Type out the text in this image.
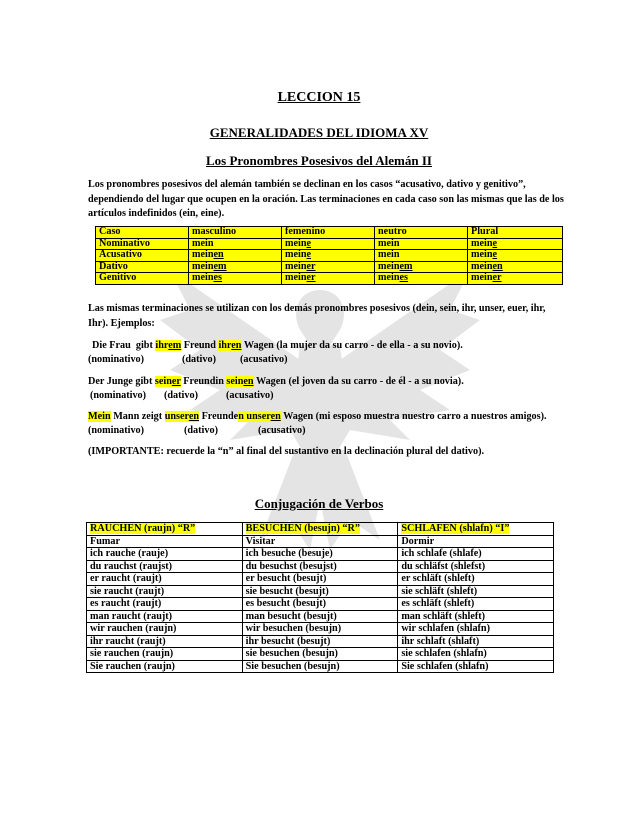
LECCION 15
GENERALIDADES DEL IDIOMA XV
Los Pronombres Posesivos del Alemán II
Los pronombres posesivos del alemán también se declinan en los casos “acusativo, dativo y genitivo”, dependiendo del lugar que ocupen en la oración. Las terminaciones en cada caso son las mismas que las de los artículos indefinidos (ein, eine).
Caso	masculino	femenino	neutro	Plural
Nominativo	mein	meine	mein	meine
Acusativo	meinen	meine	mein	meine
Dativo	meinem	meiner	meinem	meinen
Genitivo	meines	meiner	meines	meiner
Las mismas terminaciones se utilizan con los demás pronombres posesivos (dein, sein, ihr, unser, euer, ihr, Ihr). Ejemplos:
Die Frau  gibt ihrem Freund ihren Wagen (la mujer da su carro - de ella - a su novio).
(nominativo)	(dativo) (acusativo)
Der Junge gibt seiner Freundin seinen Wagen (el joven da su carro - de él - a su novia).
(nominativo) (dativo)	(acusativo)
Mein Mann zeigt unseren Freunden unseren Wagen (mi esposo muestra nuestro carro a nuestros amigos).
(nominativo)	(dativo)	(acusativo)
(IMPORTANTE: recuerde la “n” al final del sustantivo en la declinación plural del dativo).
Conjugación de Verbos
RAUCHEN (raujn) “R”	BESUCHEN (besujn) “R”	SCHLAFEN (shlafn) “I”
Fumar	Visitar	Dormir
ich rauche (rauje)	ich besuche (besuje)	ich schlafe (shlafe)
du rauchst (raujst)	du besuchst (besujst)	du schläfst (shlefst)
er raucht (raujt)	er besucht (besujt)	er schläft (shleft)
sie raucht (raujt)	sie besucht (besujt)	sie schläft (shleft)
es raucht (raujt)	es besucht (besujt)	es schläft (shleft)
man raucht (raujt)	man besucht (besujt)	man schläft (shleft)
wir rauchen (raujn)	wir besuchen (besujn)	wir schlafen (shlafn)
ihr raucht (raujt)	ihr besucht (besujt)	ihr schlaft (shlaft)
sie rauchen (raujn)	sie besuchen (besujn)	sie schlafen (shlafn)
Sie rauchen (raujn)	Sie besuchen (besujn)	Sie schlafen (shlafn)
